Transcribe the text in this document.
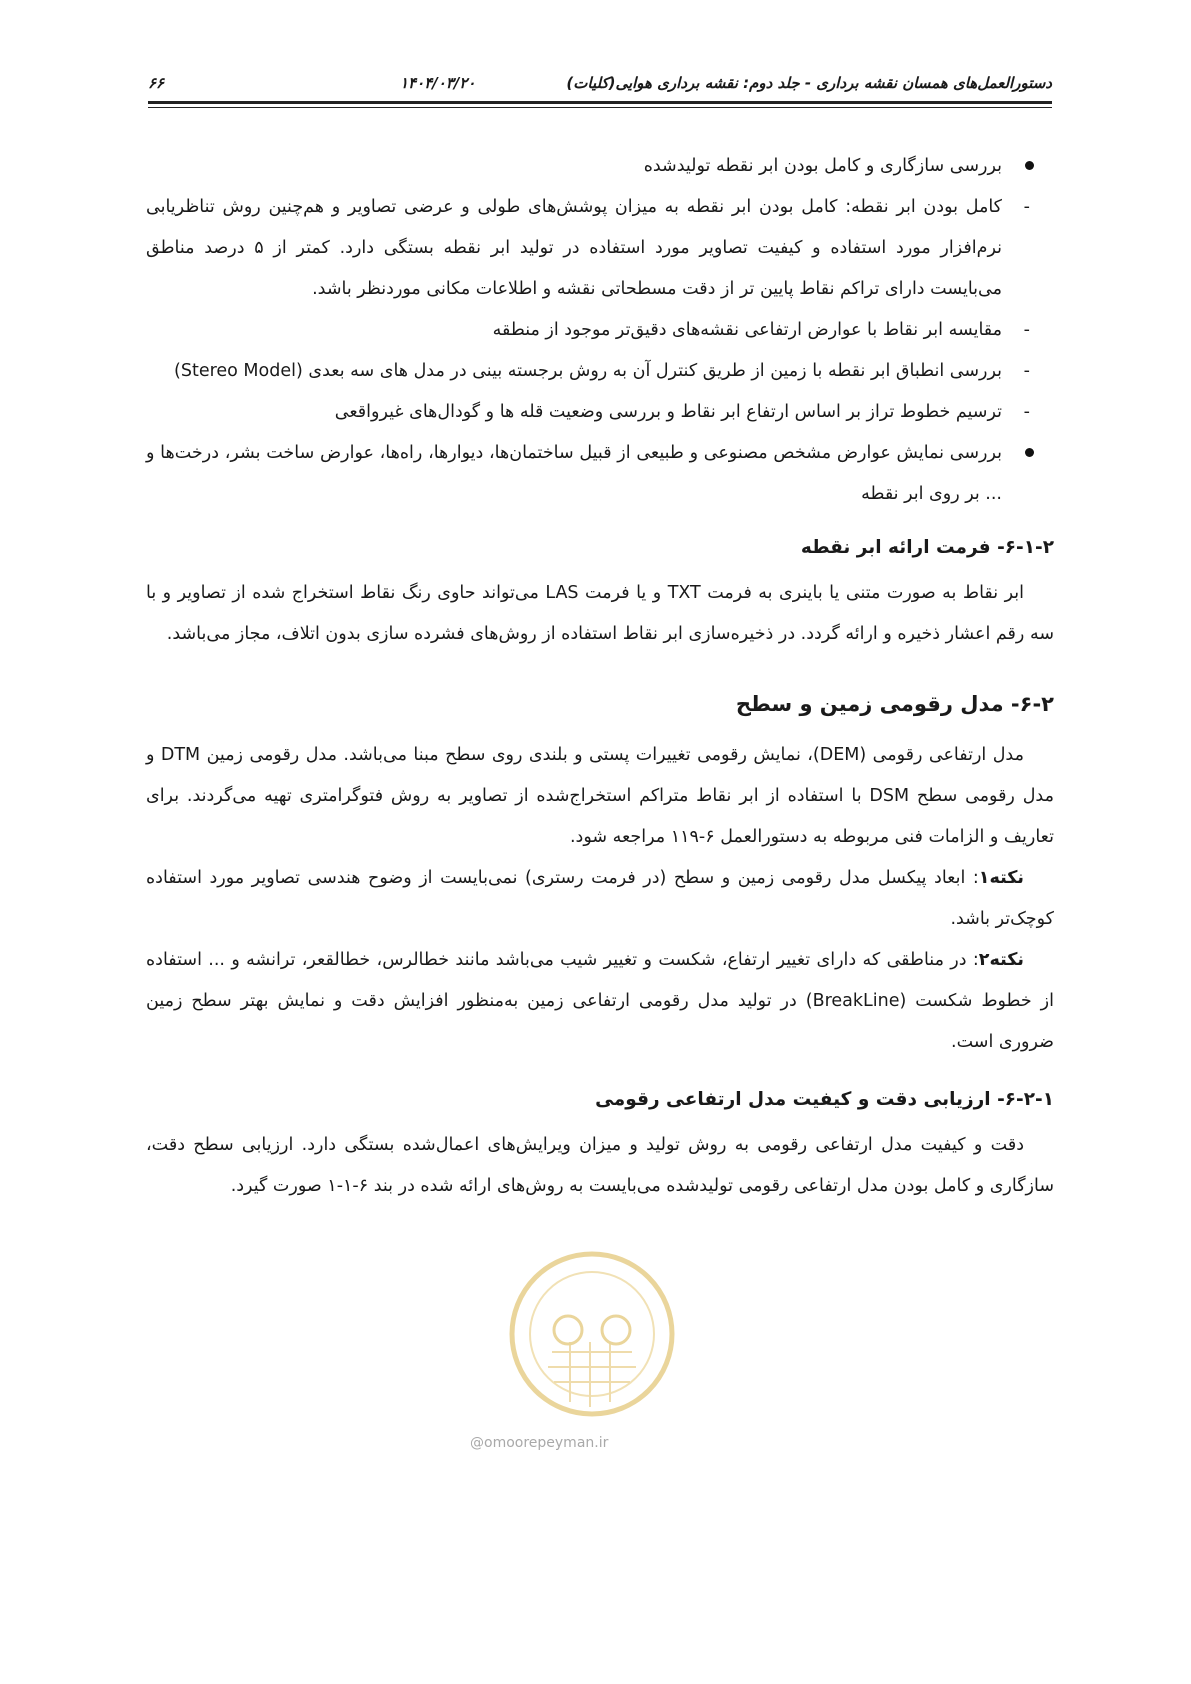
۶۶	۱۴۰۴/۰۳/۲۰	دستورالعمل‌های همسان نقشه برداری - جلد دوم: نقشه برداری هوایی(کلیات)
بررسی سازگاری و کامل بودن ابر نقطه تولیدشده
- کامل بودن ابر نقطه: کامل بودن ابر نقطه به میزان پوشش‌های طولی و عرضی تصاویر و هم‌چنین روش تناظریابی نرم‌افزار مورد استفاده و کیفیت تصاویر مورد استفاده در تولید ابر نقطه بستگی دارد. کمتر از ۵ درصد مناطق می‌بایست دارای تراکم نقاط پایین تر از دقت مسطحاتی نقشه و اطلاعات مکانی موردنظر باشد.
- مقایسه ابر نقاط با عوارض ارتفاعی نقشه‌های دقیق‌تر موجود از منطقه
- بررسی انطباق ابر نقطه با زمین از طریق کنترل آن به روش برجسته بینی در مدل های سه بعدی (Stereo Model)
- ترسیم خطوط تراز بر اساس ارتفاع ابر نقاط و بررسی وضعیت قله ها و گودال‌های غیرواقعی
بررسی نمایش عوارض مشخص مصنوعی و طبیعی از قبیل ساختمان‌ها، دیوارها، راه‌ها، عوارض ساخت بشر، درخت‌ها و ... بر روی ابر نقطه
۶-۱-۲- فرمت ارائه ابر نقطه

ابر نقاط به صورت متنی یا باینری به فرمت TXT و یا فرمت LAS می‌تواند حاوی رنگ نقاط استخراج شده از تصاویر و با سه رقم اعشار ذخیره و ارائه گردد. در ذخیره‌سازی ابر نقاط استفاده از روش‌های فشرده سازی بدون اتلاف، مجاز می‌باشد.

۶-۲- مدل رقومی زمین و سطح

مدل ارتفاعی رقومی (DEM)، نمایش رقومی تغییرات پستی و بلندی روی سطح مبنا می‌باشد. مدل رقومی زمین DTM و مدل رقومی سطح DSM با استفاده از ابر نقاط متراکم استخراج‌شده از تصاویر به روش فتوگرامتری تهیه می‌گردند. برای تعاریف و الزامات فنی مربوطه به دستورالعمل ۶-۱۱۹ مراجعه شود.

نکته۱: ابعاد پیکسل مدل رقومی زمین و سطح (در فرمت رستری) نمی‌بایست از وضوح هندسی تصاویر مورد استفاده کوچک‌تر باشد.

نکته۲: در مناطقی که دارای تغییر ارتفاع، شکست و تغییر شیب می‌باشد مانند خطالرس، خطالقعر، ترانشه و ... استفاده از خطوط شکست (BreakLine) در تولید مدل رقومی ارتفاعی زمین به‌منظور افزایش دقت و نمایش بهتر سطح زمین ضروری است.

۶-۲-۱- ارزیابی دقت و کیفیت مدل ارتفاعی رقومی

دقت و کیفیت مدل ارتفاعی رقومی به روش تولید و میزان ویرایش‌های اعمال‌شده بستگی دارد. ارزیابی سطح دقت، سازگاری و کامل بودن مدل ارتفاعی رقومی تولیدشده می‌بایست به روش‌های ارائه شده در بند ۶-۱-۱ صورت گیرد.

@omoorepeyman.ir
